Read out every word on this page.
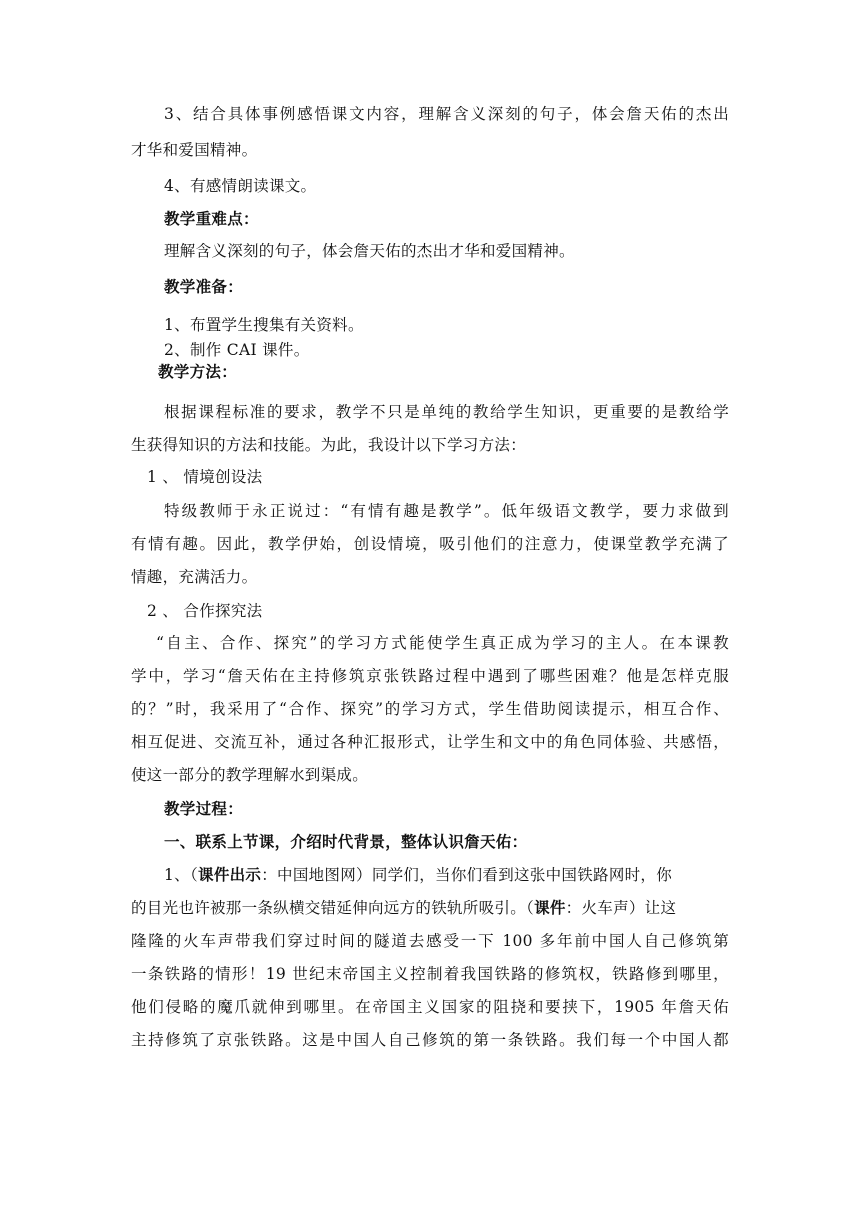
3、结合具体事例感悟课文内容，理解含义深刻的句子，体会詹天佑的杰出
才华和爱国精神。
4、有感情朗读课文。
教学重难点：
理解含义深刻的句子，体会詹天佑的杰出才华和爱国精神。
教学准备：
1、布置学生搜集有关资料。
2、制作 CAI 课件。
教学方法：
根据课程标准的要求，教学不只是单纯的教给学生知识，更重要的是教给学
生获得知识的方法和技能。为此，我设计以下学习方法：
1 、 情境创设法
特级教师于永正说过：“有情有趣是教学”。低年级语文教学，要力求做到
有情有趣。因此，教学伊始，创设情境，吸引他们的注意力，使课堂教学充满了
情趣，充满活力。
2 、 合作探究法
“自主、合作、探究”的学习方式能使学生真正成为学习的主人。在本课教
学中，学习“詹天佑在主持修筑京张铁路过程中遇到了哪些困难？他是怎样克服
的？”时，我采用了“合作、探究”的学习方式，学生借助阅读提示，相互合作、
相互促进、交流互补，通过各种汇报形式，让学生和文中的角色同体验、共感悟，
使这一部分的教学理解水到渠成。
教学过程：
一、联系上节课，介绍时代背景，整体认识詹天佑：
1、（课件出示：中国地图网）同学们，当你们看到这张中国铁路网时，你
的目光也许被那一条纵横交错延伸向远方的铁轨所吸引。（课件：火车声）让这
隆隆的火车声带我们穿过时间的隧道去感受一下 100 多年前中国人自己修筑第
一条铁路的情形！19 世纪末帝国主义控制着我国铁路的修筑权，铁路修到哪里，
他们侵略的魔爪就伸到哪里。在帝国主义国家的阻挠和要挟下，1905 年詹天佑
主持修筑了京张铁路。这是中国人自己修筑的第一条铁路。我们每一个中国人都
